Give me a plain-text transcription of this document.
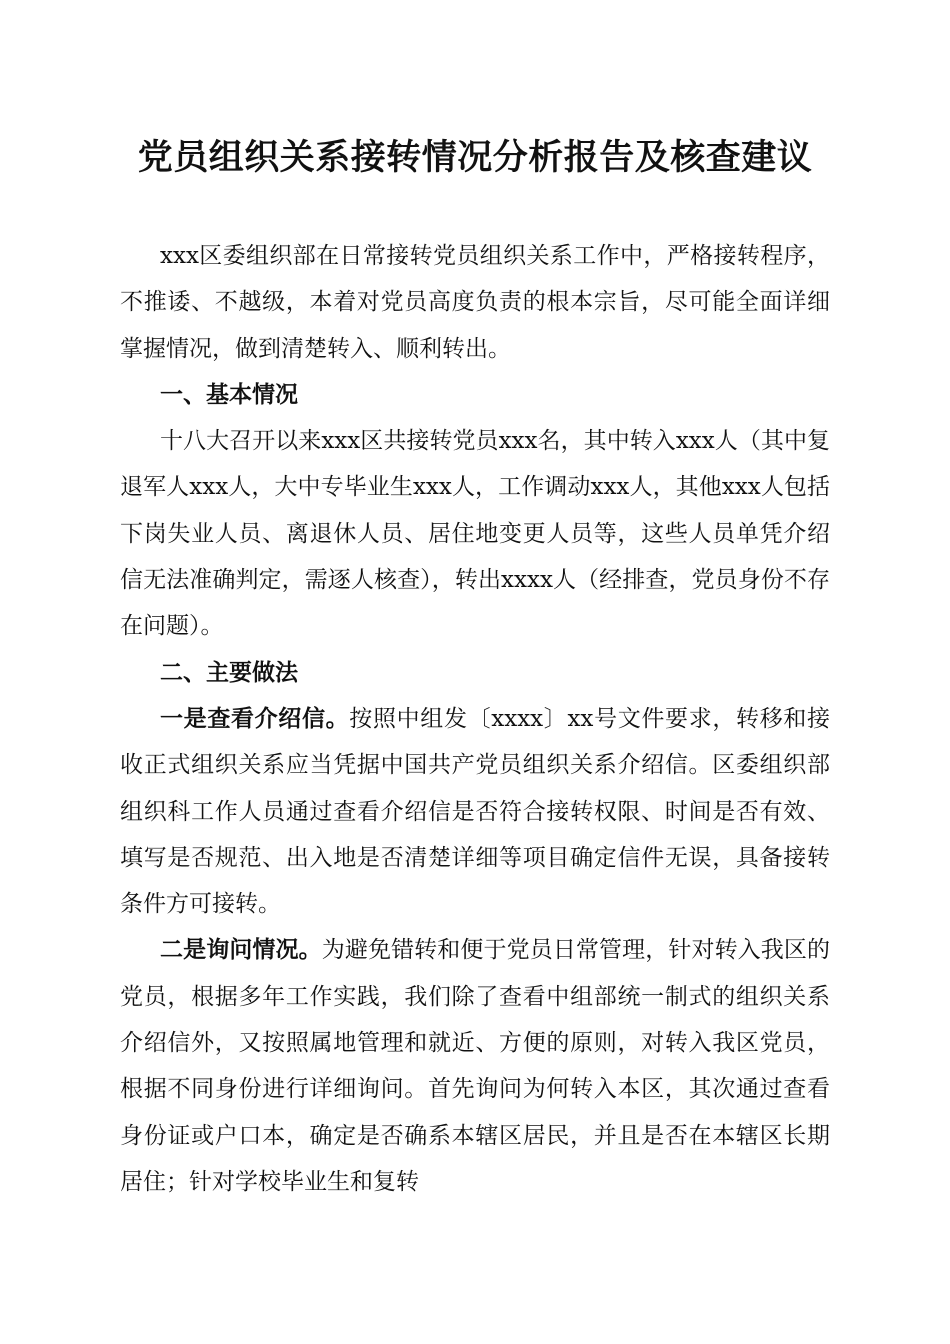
党员组织关系接转情况分析报告及核查建议

xxx区委组织部在日常接转党员组织关系工作中，严格接转程序，不推诿、不越级，本着对党员高度负责的根本宗旨，尽可能全面详细掌握情况，做到清楚转入、顺利转出。

一、基本情况

十八大召开以来xxx区共接转党员xxx名，其中转入xxx人（其中复退军人xxx人，大中专毕业生xxx人，工作调动xxx人，其他xxx人包括下岗失业人员、离退休人员、居住地变更人员等，这些人员单凭介绍信无法准确判定，需逐人核查），转出xxxx人（经排查，党员身份不存在问题）。

二、主要做法

一是查看介绍信。按照中组发〔xxxx〕xx号文件要求，转移和接收正式组织关系应当凭据中国共产党员组织关系介绍信。区委组织部组织科工作人员通过查看介绍信是否符合接转权限、时间是否有效、填写是否规范、出入地是否清楚详细等项目确定信件无误，具备接转条件方可接转。

二是询问情况。为避免错转和便于党员日常管理，针对转入我区的党员，根据多年工作实践，我们除了查看中组部统一制式的组织关系介绍信外，又按照属地管理和就近、方便的原则，对转入我区党员，根据不同身份进行详细询问。首先询问为何转入本区，其次通过查看身份证或户口本，确定是否确系本辖区居民，并且是否在本辖区长期居住；针对学校毕业生和复转
